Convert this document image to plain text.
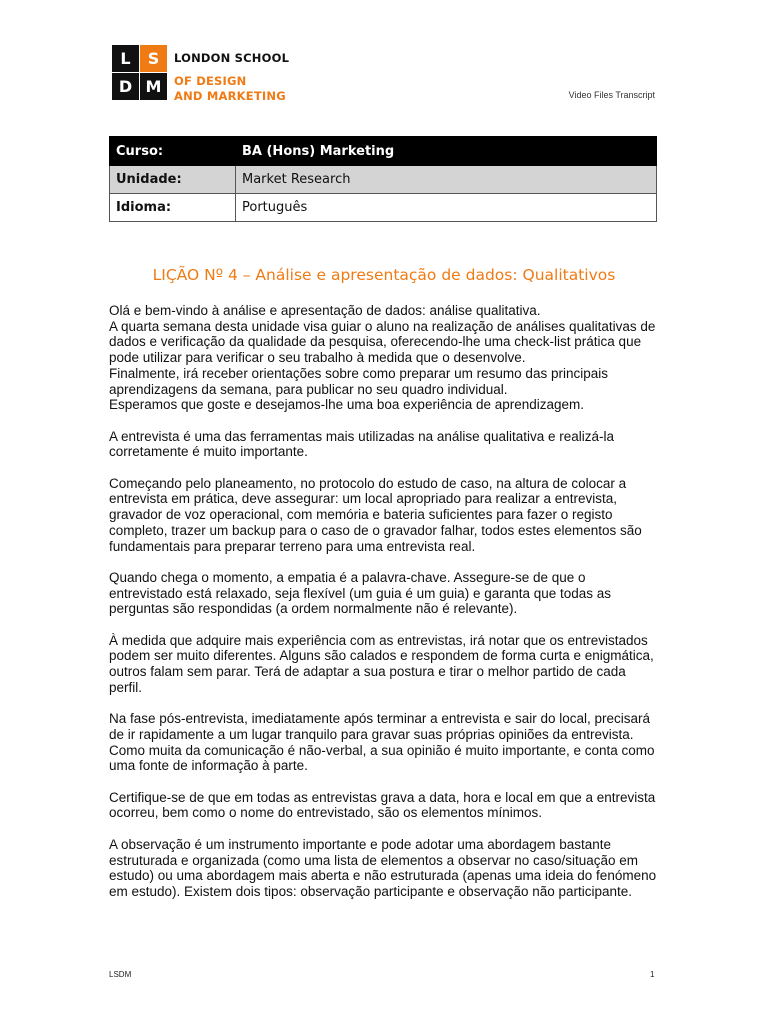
L	S
D M
LONDON SCHOOL
OF DESIGN
AND MARKETING	Video Files Transcript
Curso:	BA (Hons) Marketing
Unidade:	Market Research
Idioma:	Português
LIÇÃO Nº 4 – Análise e apresentação de dados: Qualitativos

Olá e bem-vindo à análise e apresentação de dados: análise qualitativa.

A quarta semana desta unidade visa guiar o aluno na realização de análises qualitativas de dados e verificação da qualidade da pesquisa, oferecendo-lhe uma check-list prática que pode utilizar para verificar o seu trabalho à medida que o desenvolve.

Finalmente, irá receber orientações sobre como preparar um resumo das principais aprendizagens da semana, para publicar no seu quadro individual.

Esperamos que goste e desejamos-lhe uma boa experiência de aprendizagem.

A entrevista é uma das ferramentas mais utilizadas na análise qualitativa e realizá-la corretamente é muito importante.

Começando pelo planeamento, no protocolo do estudo de caso, na altura de colocar a entrevista em prática, deve assegurar: um local apropriado para realizar a entrevista, gravador de voz operacional, com memória e bateria suficientes para fazer o registo completo, trazer um backup para o caso de o gravador falhar, todos estes elementos são fundamentais para preparar terreno para uma entrevista real.

Quando chega o momento, a empatia é a palavra-chave. Assegure-se de que o entrevistado está relaxado, seja flexível (um guia é um guia) e garanta que todas as perguntas são respondidas (a ordem normalmente não é relevante).

À medida que adquire mais experiência com as entrevistas, irá notar que os entrevistados podem ser muito diferentes. Alguns são calados e respondem de forma curta e enigmática, outros falam sem parar. Terá de adaptar a sua postura e tirar o melhor partido de cada perfil.

Na fase pós-entrevista, imediatamente após terminar a entrevista e sair do local, precisará de ir rapidamente a um lugar tranquilo para gravar suas próprias opiniões da entrevista. Como muita da comunicação é não-verbal, a sua opinião é muito importante, e conta como uma fonte de informação à parte.

Certifique-se de que em todas as entrevistas grava a data, hora e local em que a entrevista ocorreu, bem como o nome do entrevistado, são os elementos mínimos.

A observação é um instrumento importante e pode adotar uma abordagem bastante estruturada e organizada (como uma lista de elementos a observar no caso/situação em estudo) ou uma abordagem mais aberta e não estruturada (apenas uma ideia do fenómeno em estudo). Existem dois tipos: observação participante e observação não participante.

LSDM	1
